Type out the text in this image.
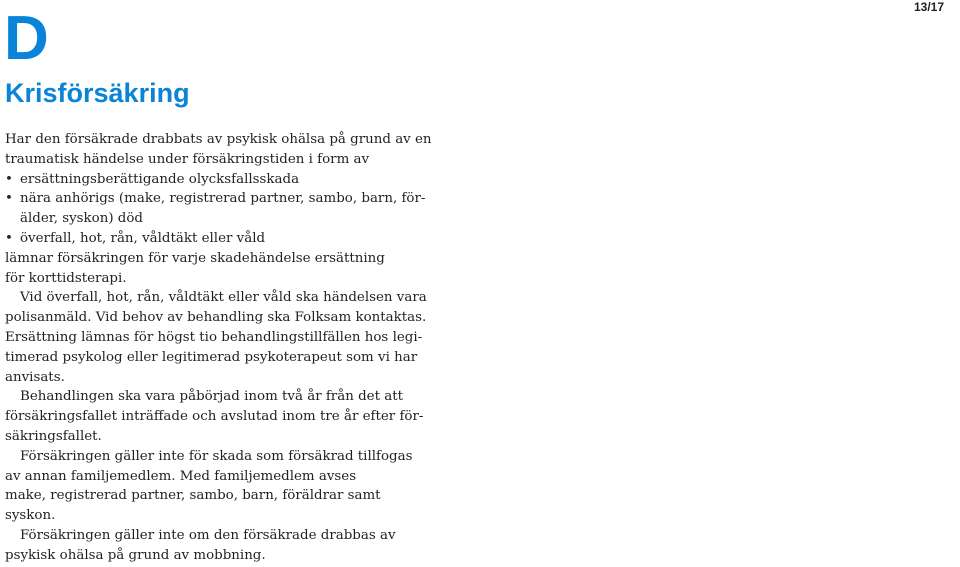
13/17
D
Krisförsäkring

Har den försäkrade drabbats av psykisk ohälsa på grund av en
traumatisk händelse under försäkringstiden i form av

• ersättningsberättigande olycksfallsskada
• nära anhörigs (make, registrerad partner, sambo, barn, för-
älder, syskon) död
• överfall, hot, rån, våldtäkt eller våld

lämnar försäkringen för varje skadehändelse ersättning
för korttidsterapi.

Vid överfall, hot, rån, våldtäkt eller våld ska händelsen vara
polisanmäld. Vid behov av behandling ska Folksam kontaktas.

Ersättning lämnas för högst tio behandlingstillfällen hos legi-
timerad psykolog eller legitimerad psykoterapeut som vi har
anvisats.

Behandlingen ska vara påbörjad inom två år från det att
försäkringsfallet inträffade och avslutad inom tre år efter för-
säkringsfallet.

Försäkringen gäller inte för skada som försäkrad tillfogas
av annan familjemedlem. Med familjemedlem avses
make, registrerad partner, sambo, barn, föräldrar samt
syskon.

Försäkringen gäller inte om den försäkrade drabbas av
psykisk ohälsa på grund av mobbning.
